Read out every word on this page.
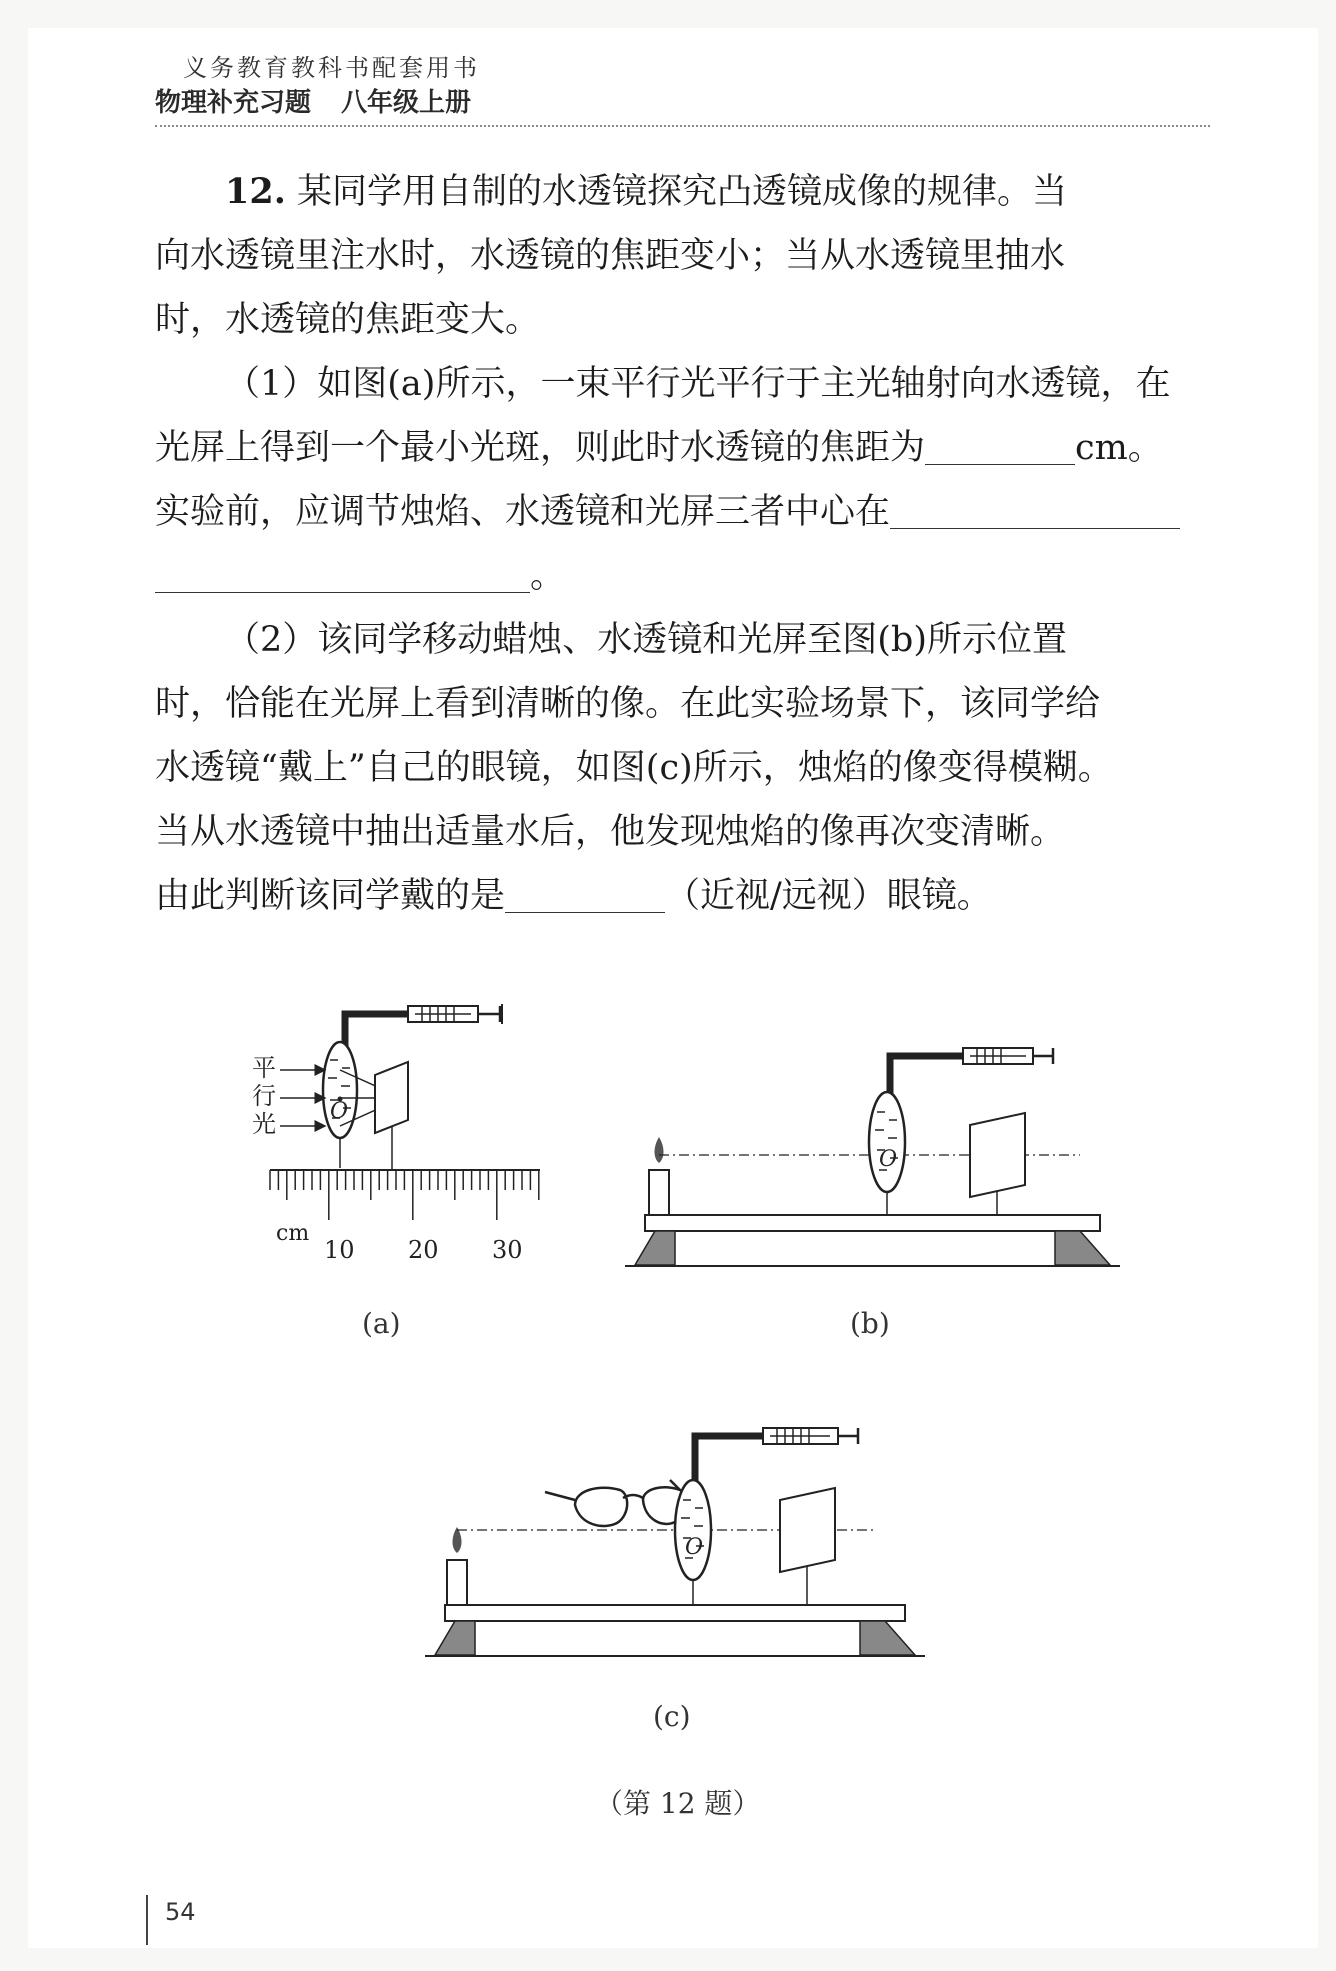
义务教育教科书配套用书
物理补充习题 八年级上册

12. 某同学用自制的水透镜探究凸透镜成像的规律。当

向水透镜里注水时，水透镜的焦距变小；当从水透镜里抽水

时，水透镜的焦距变大。

（1）如图(a)所示，一束平行光平行于主光轴射向水透镜，在

光屏上得到一个最小光斑，则此时水透镜的焦距为	cm。

实验前，应调节烛焰、水透镜和光屏三者中心在

。

（2）该同学移动蜡烛、水透镜和光屏至图(b)所示位置

时，恰能在光屏上看到清晰的像。在此实验场景下，该同学给

水透镜“戴上”自己的眼镜，如图(c)所示，烛焰的像变得模糊。

当从水透镜中抽出适量水后，他发现烛焰的像再次变清晰。

由此判断该同学戴的是	（近视/远视）眼镜。

O
平
行
光
cm
10 20 30
(a)
O
(b)
O
(c)
（第 12 题）
54
